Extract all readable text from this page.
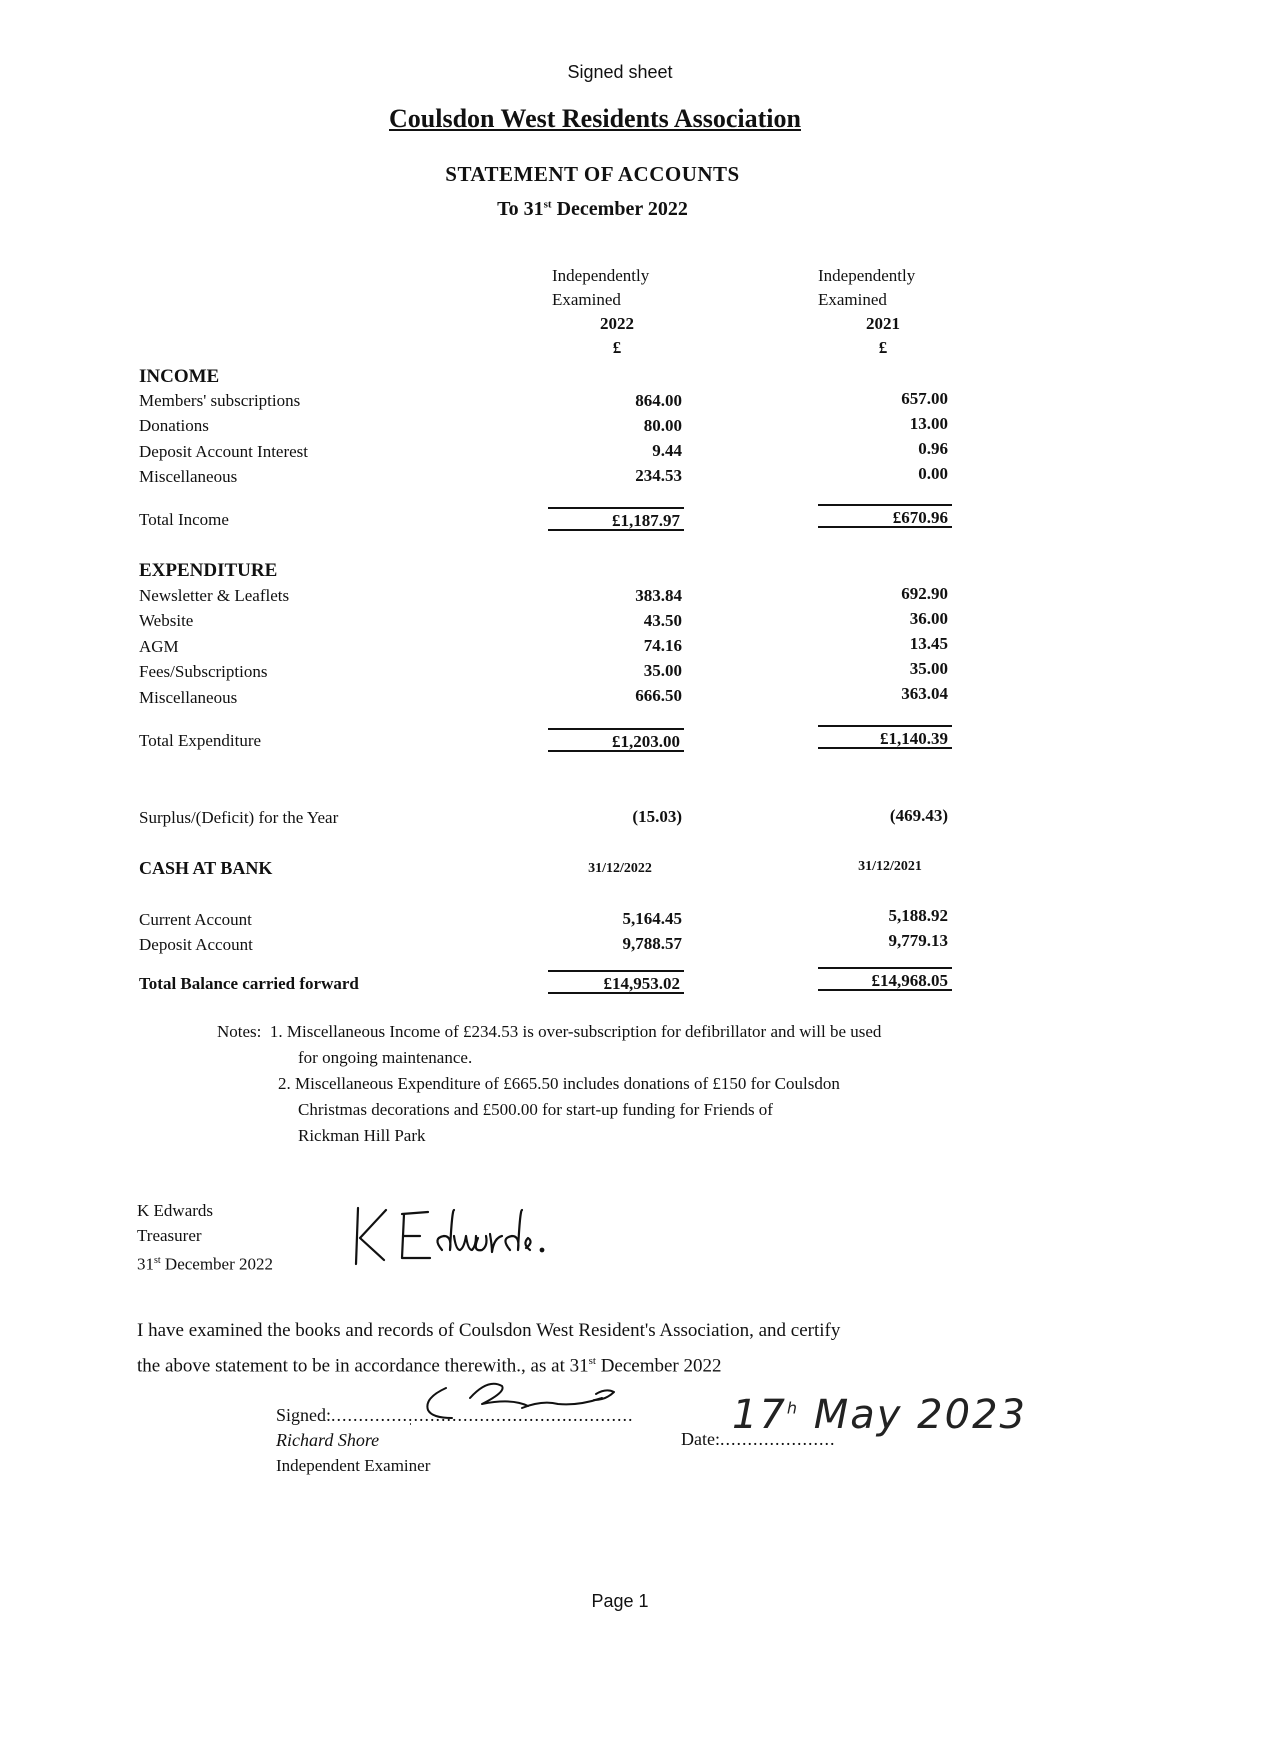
Signed sheet
Coulsdon West Residents Association
STATEMENT OF ACCOUNTS
To 31st December 2022
Independently
Examined
2022
£
Independently
Examined
2021
£
INCOME
Members' subscriptions	864.00	657.00
Donations	80.00	13.00
Deposit Account Interest	9.44	0.96
Miscellaneous	234.53	0.00
Total Income	£1,187.97	£670.96
EXPENDITURE
Newsletter & Leaflets	383.84	692.90
Website	43.50	36.00
AGM	74.16	13.45
Fees/Subscriptions	35.00	35.00
Miscellaneous	666.50	363.04
Total Expenditure	£1,203.00	£1,140.39
Surplus/(Deficit) for the Year	(15.03)	(469.43)
CASH AT BANK	31/12/2022	31/12/2021
Current Account	5,164.45	5,188.92
Deposit Account	9,788.57	9,779.13
Total Balance carried forward	£14,953.02	£14,968.05
Notes: 1. Miscellaneous Income of £234.53 is over-subscription for defibrillator and will be used
for ongoing maintenance.
2. Miscellaneous Expenditure of £665.50 includes donations of £150 for Coulsdon
Christmas decorations and £500.00 for start-up funding for Friends of
Rickman Hill Park
K Edwards
Treasurer
31st December 2022
I have examined the books and records of Coulsdon West Resident's Association, and certify
the above statement to be in accordance therewith., as at 31st December 2022
Signed:.......................................................
Richard Shore
Independent Examiner
Date:.....................
17$^h$ May 2023
Page 1
